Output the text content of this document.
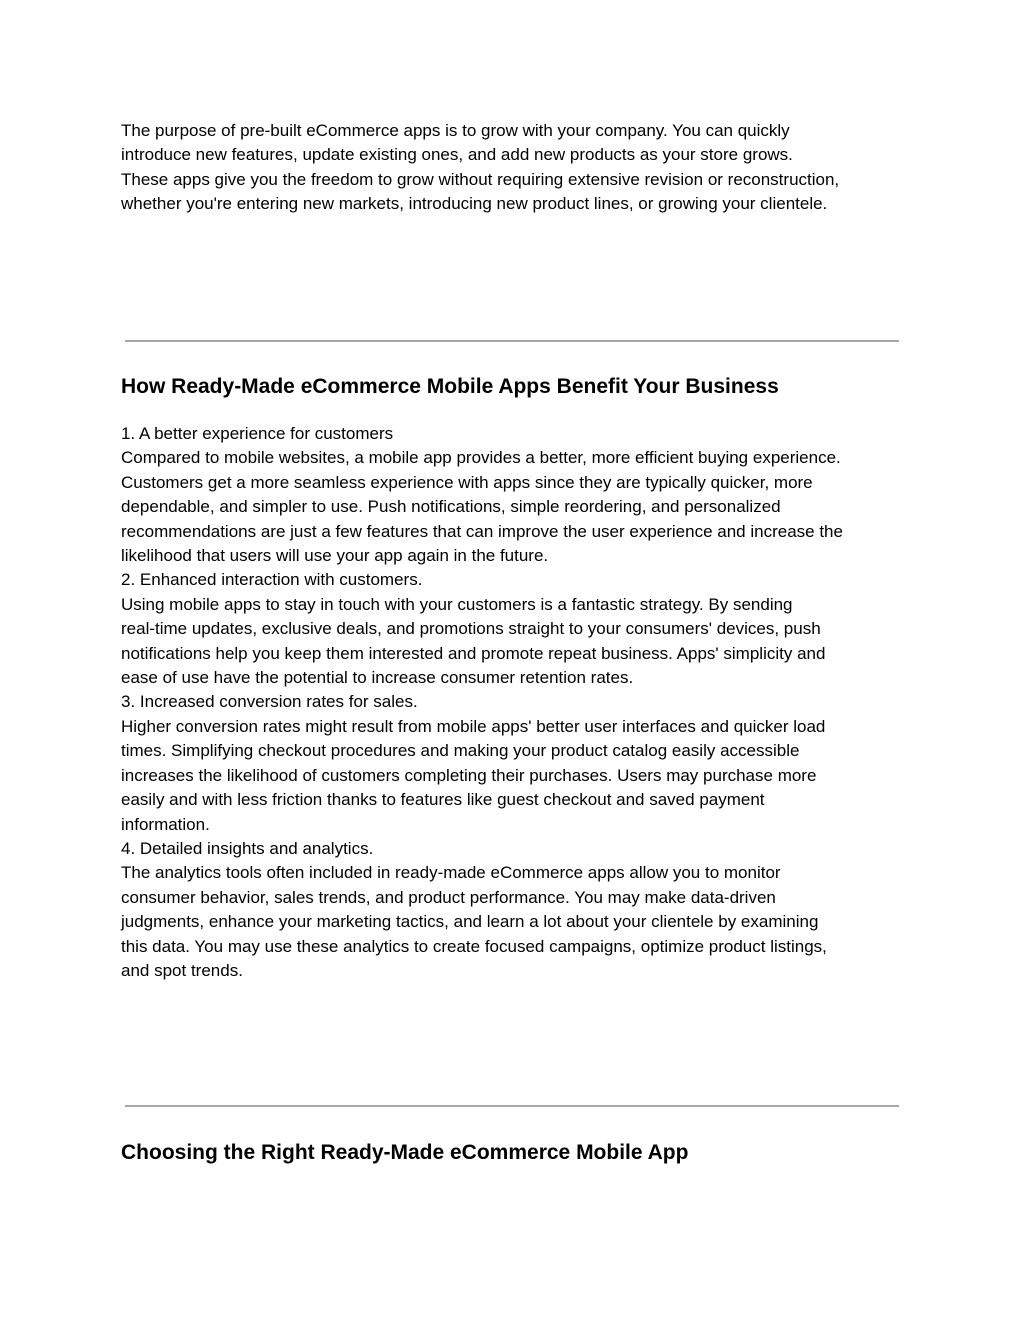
The purpose of pre-built eCommerce apps is to grow with your company. You can quickly
introduce new features, update existing ones, and add new products as your store grows.
These apps give you the freedom to grow without requiring extensive revision or reconstruction,
whether you're entering new markets, introducing new product lines, or growing your clientele.

How Ready-Made eCommerce Mobile Apps Benefit Your Business

1. A better experience for customers
Compared to mobile websites, a mobile app provides a better, more efficient buying experience.
Customers get a more seamless experience with apps since they are typically quicker, more
dependable, and simpler to use. Push notifications, simple reordering, and personalized
recommendations are just a few features that can improve the user experience and increase the
likelihood that users will use your app again in the future.
2. Enhanced interaction with customers.
Using mobile apps to stay in touch with your customers is a fantastic strategy. By sending
real-time updates, exclusive deals, and promotions straight to your consumers' devices, push
notifications help you keep them interested and promote repeat business. Apps' simplicity and
ease of use have the potential to increase consumer retention rates.
3. Increased conversion rates for sales.
Higher conversion rates might result from mobile apps' better user interfaces and quicker load
times. Simplifying checkout procedures and making your product catalog easily accessible
increases the likelihood of customers completing their purchases. Users may purchase more
easily and with less friction thanks to features like guest checkout and saved payment
information.
4. Detailed insights and analytics.
The analytics tools often included in ready-made eCommerce apps allow you to monitor
consumer behavior, sales trends, and product performance. You may make data-driven
judgments, enhance your marketing tactics, and learn a lot about your clientele by examining
this data. You may use these analytics to create focused campaigns, optimize product listings,
and spot trends.

Choosing the Right Ready-Made eCommerce Mobile App
